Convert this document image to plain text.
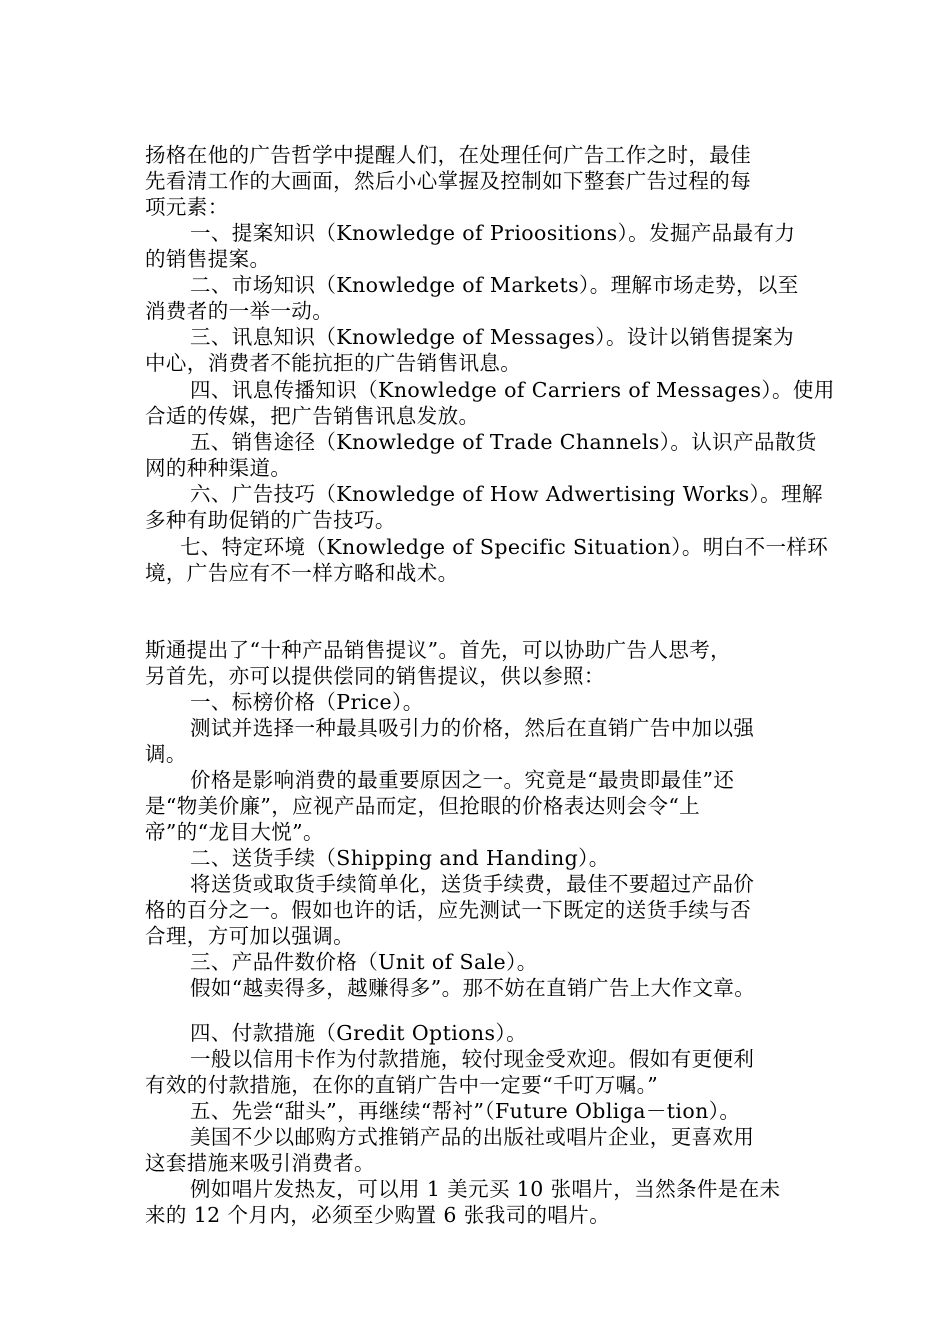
扬格在他的广告哲学中提醒人们，在处理任何广告工作之时，最佳
先看清工作的大画面，然后小心掌握及控制如下整套广告过程的每
项元素：
一、提案知识（Knowledge of Prioositions）。发掘产品最有力
的销售提案。
二、市场知识（Knowledge of Markets）。理解市场走势，以至
消费者的一举一动。
三、讯息知识（Knowledge of Messages）。设计以销售提案为
中心，消费者不能抗拒的广告销售讯息。
四、讯息传播知识（Knowledge of Carriers of Messages）。使用
合适的传媒，把广告销售讯息发放。
五、销售途径（Knowledge of Trade Channels）。认识产品散货
网的种种渠道。
六、广告技巧（Knowledge of How Adwertising Works）。理解
多种有助促销的广告技巧。
七、特定环境（Knowledge of Specific Situation）。明白不一样环
境，广告应有不一样方略和战术。
斯通提出了“十种产品销售提议”。首先，可以协助广告人思考，
另首先，亦可以提供偿同的销售提议，供以参照：
一、标榜价格（Price）。
测试并选择一种最具吸引力的价格，然后在直销广告中加以强
调。
价格是影响消费的最重要原因之一。究竟是“最贵即最佳”还
是“物美价廉”，应视产品而定，但抢眼的价格表达则会令“上
帝”的“龙目大悦”。
二、送货手续（Shipping and Handing）。
将送货或取货手续简单化，送货手续费，最佳不要超过产品价
格的百分之一。假如也许的话，应先测试一下既定的送货手续与否
合理，方可加以强调。
三、产品件数价格（Unit of Sale）。
假如“越卖得多，越赚得多”。那不妨在直销广告上大作文章。
四、付款措施（Gredit Options）。
一般以信用卡作为付款措施，较付现金受欢迎。假如有更便利
有效的付款措施，在你的直销广告中一定要“千叮万嘱。”
五、先尝“甜头”，再继续“帮衬”（Future Obliga－tion）。
美国不少以邮购方式推销产品的出版社或唱片企业，更喜欢用
这套措施来吸引消费者。
例如唱片发热友，可以用 1 美元买 10 张唱片，当然条件是在未
来的 12 个月内，必须至少购置 6 张我司的唱片。
